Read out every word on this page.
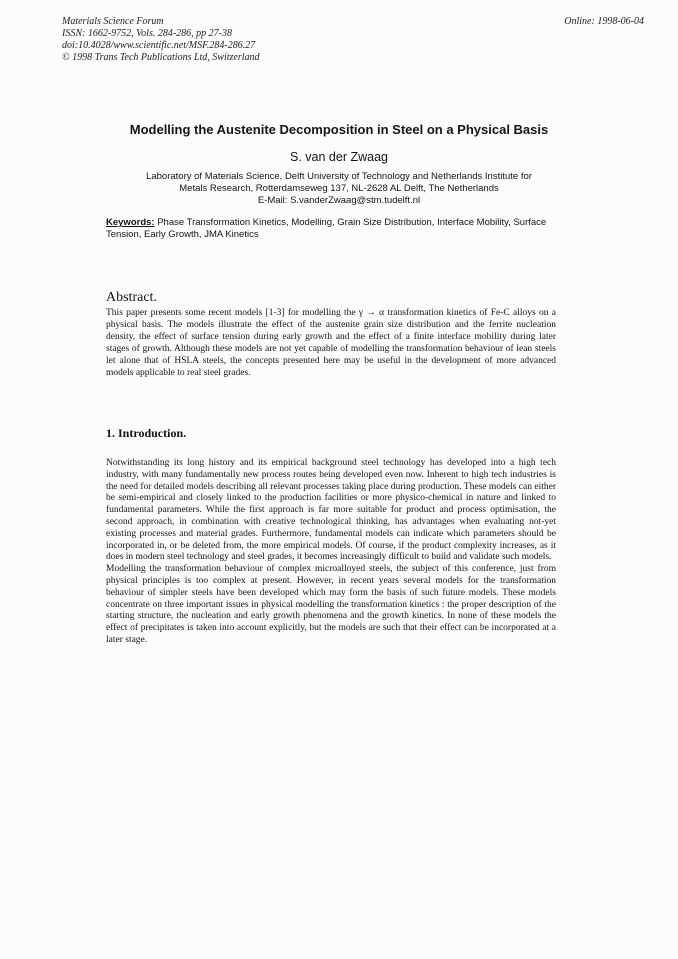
Materials Science Forum
ISSN: 1662-9752, Vols. 284-286, pp 27-38
doi:10.4028/www.scientific.net/MSF.284-286.27
© 1998 Trans Tech Publications Ltd, Switzerland
Online: 1998-06-04
Modelling the Austenite Decomposition in Steel on a Physical Basis
S. van der Zwaag
Laboratory of Materials Science, Delft University of Technology and Netherlands Institute for
Metals Research, Rotterdamseweg 137, NL-2628 AL Delft, The Netherlands
E-Mail: S.vanderZwaag@stm.tudelft.nl
Keywords: Phase Transformation Kinetics, Modelling, Grain Size Distribution, Interface Mobility, Surface Tension, Early Growth, JMA Kinetics
Abstract.
This paper presents some recent models [1-3] for modelling the γ → α transformation kinetics of Fe-C alloys on a physical basis. The models illustrate the effect of the austenite grain size distribution and the ferrite nucleation density, the effect of surface tension during early growth and the effect of a finite interface mobility during later stages of growth. Although these models are not yet capable of modelling the transformation behaviour of lean steels let alone that of HSLA steels, the concepts presented here may be useful in the development of more advanced models applicable to real steel grades.
1. Introduction.

Notwithstanding its long history and its empirical background steel technology has developed into a high tech industry, with many fundamentally new process routes being developed even now. Inherent to high tech industries is the need for detailed models describing all relevant processes taking place during production. These models can either be semi-empirical and closely linked to the production facilities or more physico-chemical in nature and linked to fundamental parameters. While the first approach is far more suitable for product and process optimisation, the second approach, in combination with creative technological thinking, has advantages when evaluating not-yet existing processes and material grades. Furthermore, fundamental models can indicate which parameters should be incorporated in, or be deleted from, the more empirical models. Of course, if the product complexity increases, as it does in modern steel technology and steel grades, it becomes increasingly difficult to build and validate such models.

Modelling the transformation behaviour of complex microalloyed steels, the subject of this conference, just from physical principles is too complex at present. However, in recent years several models for the transformation behaviour of simpler steels have been developed which may form the basis of such future models. These models concentrate on three important issues in physical modelling the transformation kinetics : the proper description of the starting structure, the nucleation and early growth phenomena and the growth kinetics. In none of these models the effect of precipitates is taken into account explicitly, but the models are such that their effect can be incorporated at a later stage.
